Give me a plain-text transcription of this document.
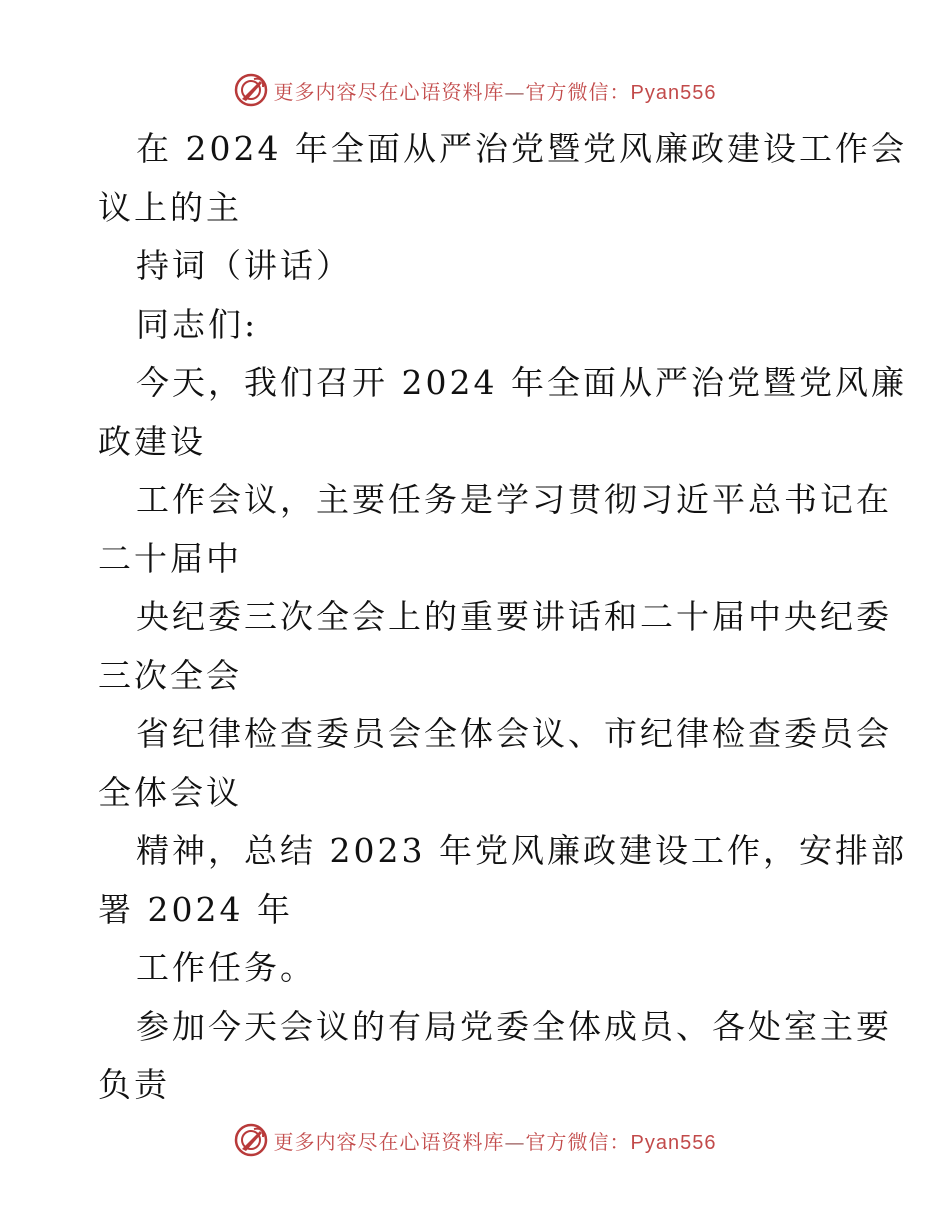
更多内容尽在心语资料库—官方微信：Pyan556
在 2024 年全面从严治党暨党风廉政建设工作会
议上的主
持词（讲话）
同志们:
今天，我们召开 2024 年全面从严治党暨党风廉
政建设
工作会议，主要任务是学习贯彻习近平总书记在
二十届中
央纪委三次全会上的重要讲话和二十届中央纪委
三次全会
省纪律检查委员会全体会议、市纪律检查委员会
全体会议
精神，总结 2023 年党风廉政建设工作，安排部
署 2024 年
工作任务。
参加今天会议的有局党委全体成员、各处室主要
负责
更多内容尽在心语资料库—官方微信：Pyan556
